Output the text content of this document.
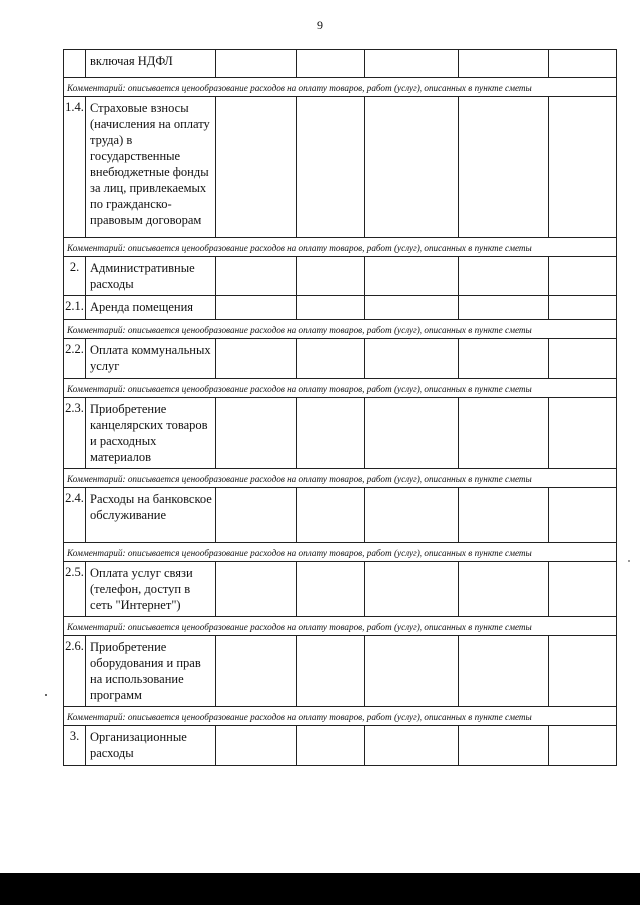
9
	включая НДФЛ					
Комментарий: описывается ценообразование расходов на оплату товаров, работ (услуг), описанных в пункте сметы						
1.4.	Страховые взносы (начисления на оплату труда) в государственные внебюджетные фонды за лиц, привлекаемых по гражданско-правовым договорам					
Комментарий: описывается ценообразование расходов на оплату товаров, работ (услуг), описанных в пункте сметы						
2.	Административные расходы					
2.1.	Аренда помещения					
Комментарий: описывается ценообразование расходов на оплату товаров, работ (услуг), описанных в пункте сметы						
2.2.	Оплата коммунальных услуг					
Комментарий: описывается ценообразование расходов на оплату товаров, работ (услуг), описанных в пункте сметы						
2.3.	Приобретение канцелярских товаров и расходных материалов					
Комментарий: описывается ценообразование расходов на оплату товаров, работ (услуг), описанных в пункте сметы						
2.4.	Расходы на банковское обслуживание					
Комментарий: описывается ценообразование расходов на оплату товаров, работ (услуг), описанных в пункте сметы						
2.5.	Оплата услуг связи (телефон, доступ в сеть "Интернет")					
Комментарий: описывается ценообразование расходов на оплату товаров, работ (услуг), описанных в пункте сметы						
2.6.	Приобретение оборудования и прав на использование программ					
Комментарий: описывается ценообразование расходов на оплату товаров, работ (услуг), описанных в пункте сметы						
3.	Организационные расходы					
